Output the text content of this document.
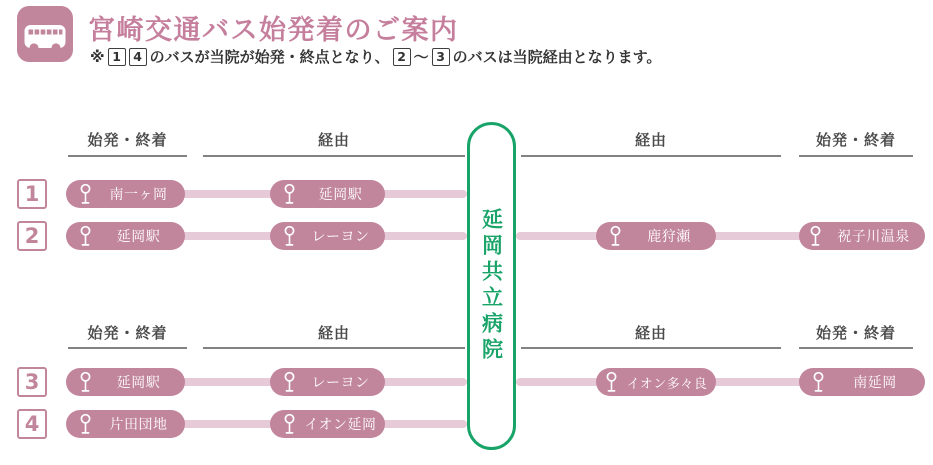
宮崎交通バス始発着のご案内
※ 1 4 のバスが当院が始発・終点となり、 2 ～ 3 のバスは当院経由となります。
始発・終着	経由	経由	始発・終着
始発・終着	経由	経由	始発・終着
1	南一ヶ岡	延岡駅
2	延岡駅	レーヨン	鹿狩瀬	祝子川温泉
3	延岡駅	レーヨン	イオン多々良	南延岡
4	片田団地	イオン延岡
延岡共立病院
